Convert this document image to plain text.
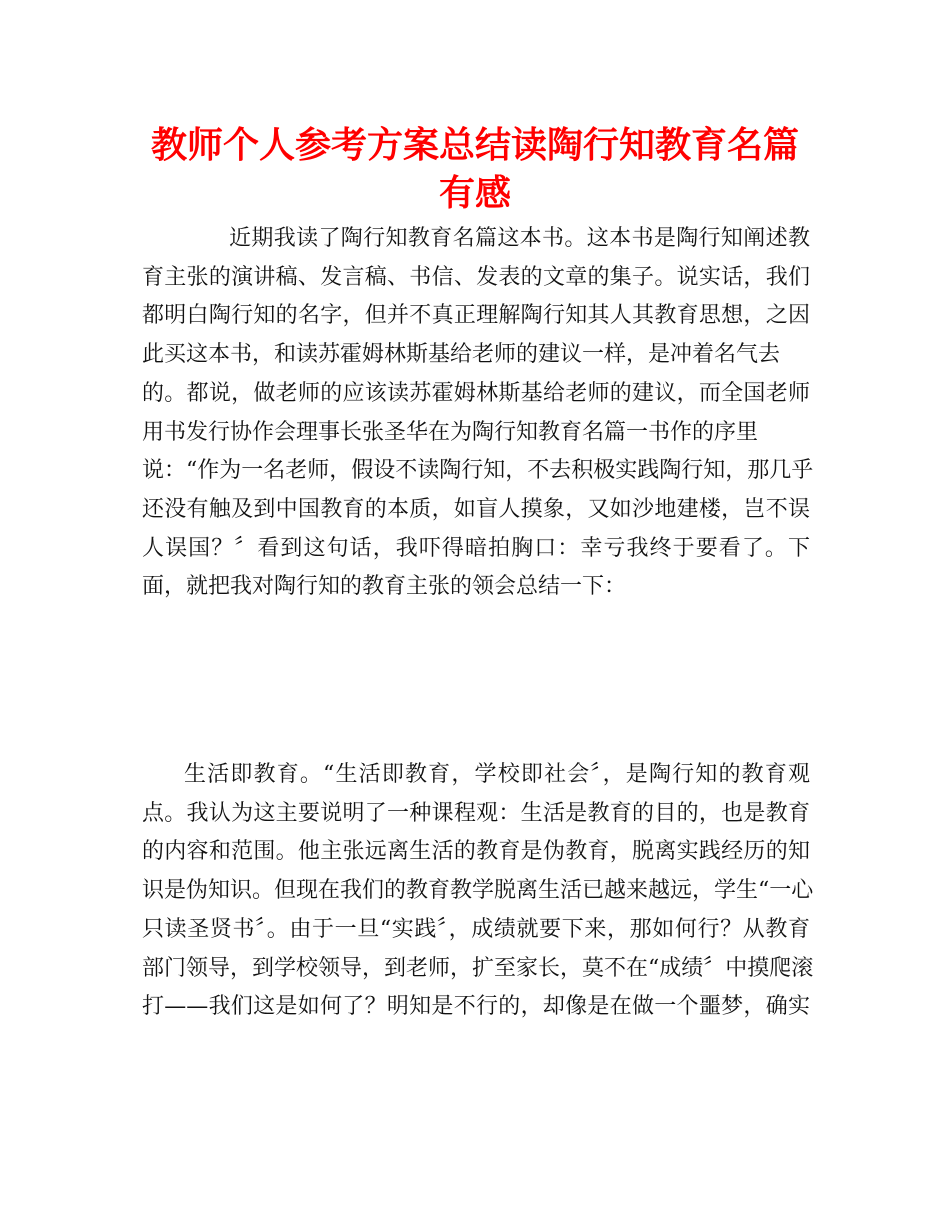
教师个人参考方案总结读陶行知教育名篇
有感
近期我读了陶行知教育名篇这本书。这本书是陶行知阐述教
育主张的演讲稿、发言稿、书信、发表的文章的集子。说实话，我们
都明白陶行知的名字，但并不真正理解陶行知其人其教育思想，之因
此买这本书，和读苏霍姆林斯基给老师的建议一样，是冲着名气去
的。都说，做老师的应该读苏霍姆林斯基给老师的建议，而全国老师
用书发行协作会理事长张圣华在为陶行知教育名篇一书作的序里
说：“作为一名老师，假设不读陶行知，不去积极实践陶行知，那几乎
还没有触及到中国教育的本质，如盲人摸象，又如沙地建楼，岂不误
人误国？〞看到这句话，我吓得暗拍胸口：幸亏我终于要看了。下
面，就把我对陶行知的教育主张的领会总结一下：
生活即教育。“生活即教育，学校即社会〞，是陶行知的教育观
点。我认为这主要说明了一种课程观：生活是教育的目的，也是教育
的内容和范围。他主张远离生活的教育是伪教育，脱离实践经历的知
识是伪知识。但现在我们的教育教学脱离生活已越来越远，学生“一心
只读圣贤书〞。由于一旦“实践〞，成绩就要下来，那如何行？从教育
部门领导，到学校领导，到老师，扩至家长，莫不在“成绩〞中摸爬滚
打——我们这是如何了？明知是不行的，却像是在做一个噩梦，确实
